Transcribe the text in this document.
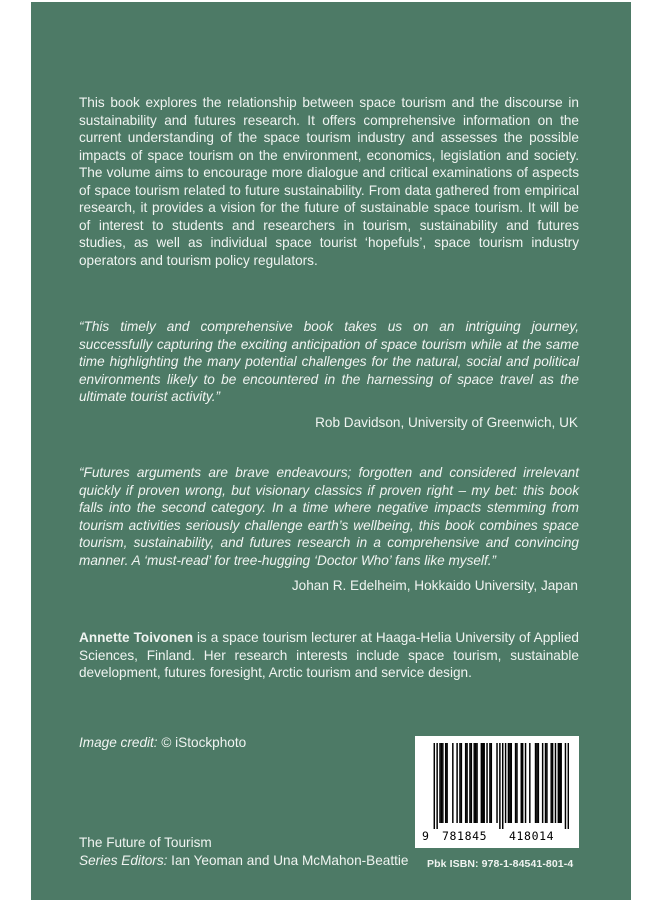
This book explores the relationship between space tourism and the discourse in sustainability and futures research. It offers comprehensive information on the current understanding of the space tourism industry and assesses the possible impacts of space tourism on the environment, economics, legislation and society. The volume aims to encourage more dialogue and critical examinations of aspects of space tourism related to future sustainability. From data gathered from empirical research, it provides a vision for the future of sustainable space tourism. It will be of interest to students and researchers in tourism, sustainability and futures studies, as well as individual space tourist ‘hopefuls’, space tourism industry operators and tourism policy regulators.

“This timely and comprehensive book takes us on an intriguing journey, successfully capturing the exciting anticipation of space tourism while at the same time highlighting the many potential challenges for the natural, social and political environments likely to be encountered in the harnessing of space travel as the ultimate tourist activity.”

Rob Davidson, University of Greenwich, UK

“Futures arguments are brave endeavours; forgotten and considered irrelevant quickly if proven wrong, but visionary classics if proven right – my bet: this book falls into the second category. In a time where negative impacts stemming from tourism activities seriously challenge earth’s wellbeing, this book combines space tourism, sustainability, and futures research in a comprehensive and convincing manner. A ‘must-read’ for tree-hugging ‘Doctor Who’ fans like myself.”

Johan R. Edelheim, Hokkaido University, Japan

Annette Toivonen is a space tourism lecturer at Haaga-Helia University of Applied Sciences, Finland. Her research interests include space tourism, sustainable development, futures foresight, Arctic tourism and service design.

Image credit: © iStockphoto
The Future of Tourism
Series Editors: Ian Yeoman and Una McMahon-Beattie
9 781845 418014
Pbk ISBN: 978-1-84541-801-4
